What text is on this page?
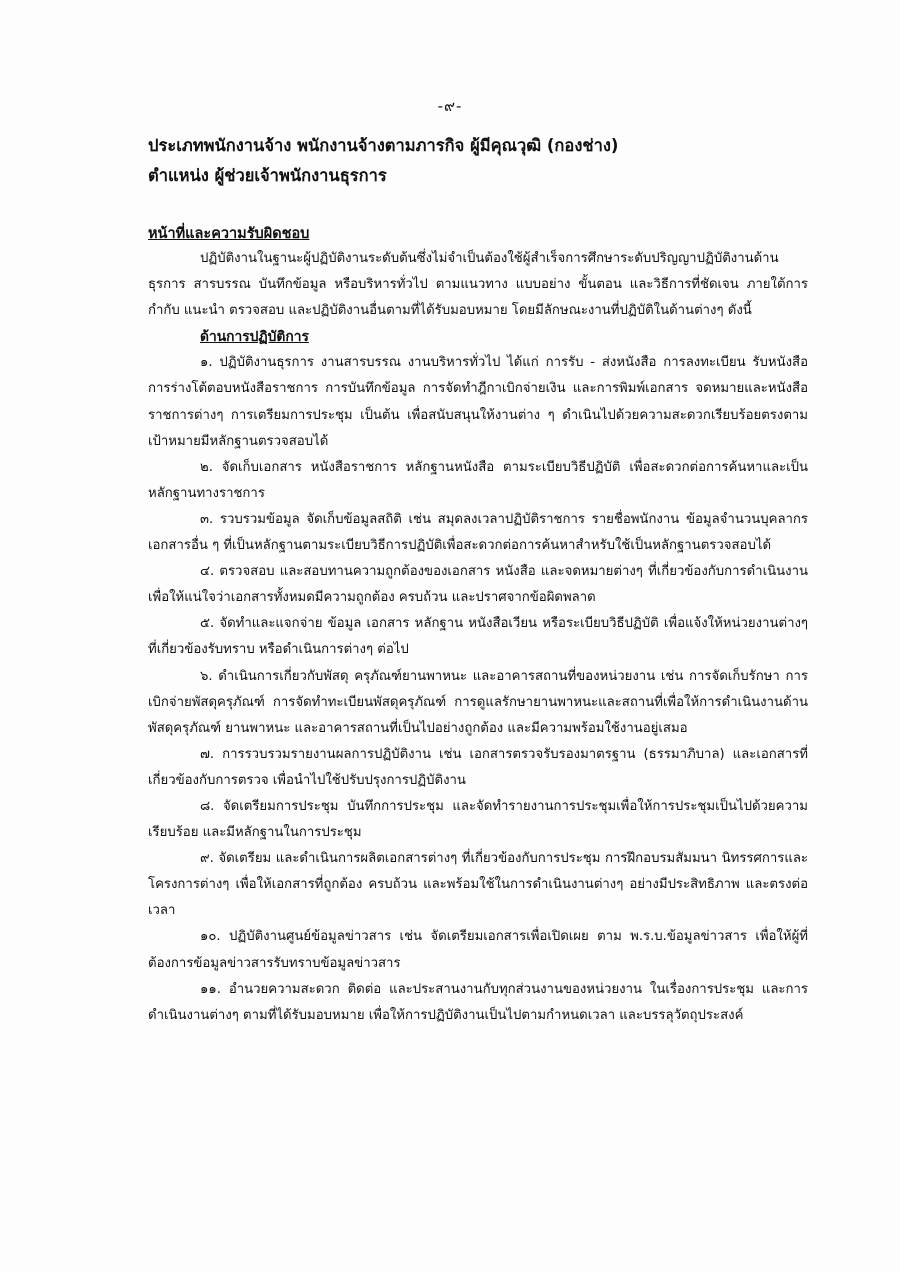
-๙-
ประเภทพนักงานจ้าง พนักงานจ้างตามภารกิจ ผู้มีคุณวุฒิ (กองช่าง)
ตำแหน่ง ผู้ช่วยเจ้าพนักงานธุรการ
หน้าที่และความรับผิดชอบ

ปฏิบัติงานในฐานะผู้ปฏิบัติงานระดับต้นซึ่งไม่จำเป็นต้องใช้ผู้สำเร็จการศึกษาระดับปริญญาปฏิบัติงานด้านธุรการ สารบรรณ บันทึกข้อมูล หรือบริหารทั่วไป ตามแนวทาง แบบอย่าง ขั้นตอน และวิธีการที่ชัดเจน ภายใต้การกำกับ แนะนำ ตรวจสอบ และปฏิบัติงานอื่นตามที่ได้รับมอบหมาย โดยมีลักษณะงานที่ปฏิบัติในด้านต่างๆ ดังนี้

ด้านการปฏิบัติการ

๑. ปฏิบัติงานธุรการ งานสารบรรณ งานบริหารทั่วไป ได้แก่ การรับ - ส่งหนังสือ การลงทะเบียน รับหนังสือ การร่างโต้ตอบหนังสือราชการ การบันทึกข้อมูล การจัดทำฎีกาเบิกจ่ายเงิน และการพิมพ์เอกสาร จดหมายและหนังสือราชการต่างๆ การเตรียมการประชุม เป็นต้น เพื่อสนับสนุนให้งานต่าง ๆ ดำเนินไปด้วยความสะดวกเรียบร้อยตรงตามเป้าหมายมีหลักฐานตรวจสอบได้

๒. จัดเก็บเอกสาร หนังสือราชการ หลักฐานหนังสือ ตามระเบียบวิธีปฏิบัติ เพื่อสะดวกต่อการค้นหาและเป็นหลักฐานทางราชการ

๓. รวบรวมข้อมูล จัดเก็บข้อมูลสถิติ เช่น สมุดลงเวลาปฏิบัติราชการ รายชื่อพนักงาน ข้อมูลจำนวนบุคลากร เอกสารอื่น ๆ ที่เป็นหลักฐานตามระเบียบวิธีการปฏิบัติเพื่อสะดวกต่อการค้นหาสำหรับใช้เป็นหลักฐานตรวจสอบได้

๔. ตรวจสอบ และสอบทานความถูกต้องของเอกสาร หนังสือ และจดหมายต่างๆ ที่เกี่ยวข้องกับการดำเนินงาน เพื่อให้แน่ใจว่าเอกสารทั้งหมดมีความถูกต้อง ครบถ้วน และปราศจากข้อผิดพลาด

๕. จัดทำและแจกจ่าย ข้อมูล เอกสาร หลักฐาน หนังสือเวียน หรือระเบียบวิธีปฏิบัติ เพื่อแจ้งให้หน่วยงานต่างๆ ที่เกี่ยวข้องรับทราบ หรือดำเนินการต่างๆ ต่อไป

๖. ดำเนินการเกี่ยวกับพัสดุ ครุภัณฑ์ยานพาหนะ และอาคารสถานที่ของหน่วยงาน เช่น การจัดเก็บรักษา การเบิกจ่ายพัสดุครุภัณฑ์ การจัดทำทะเบียนพัสดุครุภัณฑ์ การดูแลรักษายานพาหนะและสถานที่เพื่อให้การดำเนินงานด้านพัสดุครุภัณฑ์ ยานพาหนะ และอาคารสถานที่เป็นไปอย่างถูกต้อง และมีความพร้อมใช้งานอยู่เสมอ

๗. การรวบรวมรายงานผลการปฏิบัติงาน เช่น เอกสารตรวจรับรองมาตรฐาน (ธรรมาภิบาล) และเอกสารที่เกี่ยวข้องกับการตรวจ เพื่อนำไปใช้ปรับปรุงการปฏิบัติงาน

๘. จัดเตรียมการประชุม บันทึกการประชุม และจัดทำรายงานการประชุมเพื่อให้การประชุมเป็นไปด้วยความเรียบร้อย และมีหลักฐานในการประชุม

๙. จัดเตรียม และดำเนินการผลิตเอกสารต่างๆ ที่เกี่ยวข้องกับการประชุม การฝึกอบรมสัมมนา นิทรรศการและโครงการต่างๆ เพื่อให้เอกสารที่ถูกต้อง ครบถ้วน และพร้อมใช้ในการดำเนินงานต่างๆ อย่างมีประสิทธิภาพ และตรงต่อเวลา

๑๐. ปฏิบัติงานศูนย์ข้อมูลข่าวสาร เช่น จัดเตรียมเอกสารเพื่อเปิดเผย ตาม พ.ร.บ.ข้อมูลข่าวสาร เพื่อให้ผู้ที่ต้องการข้อมูลข่าวสารรับทราบข้อมูลข่าวสาร

๑๑. อำนวยความสะดวก ติดต่อ และประสานงานกับทุกส่วนงานของหน่วยงาน ในเรื่องการประชุม และการดำเนินงานต่างๆ ตามที่ได้รับมอบหมาย เพื่อให้การปฏิบัติงานเป็นไปตามกำหนดเวลา และบรรลุวัตถุประสงค์
